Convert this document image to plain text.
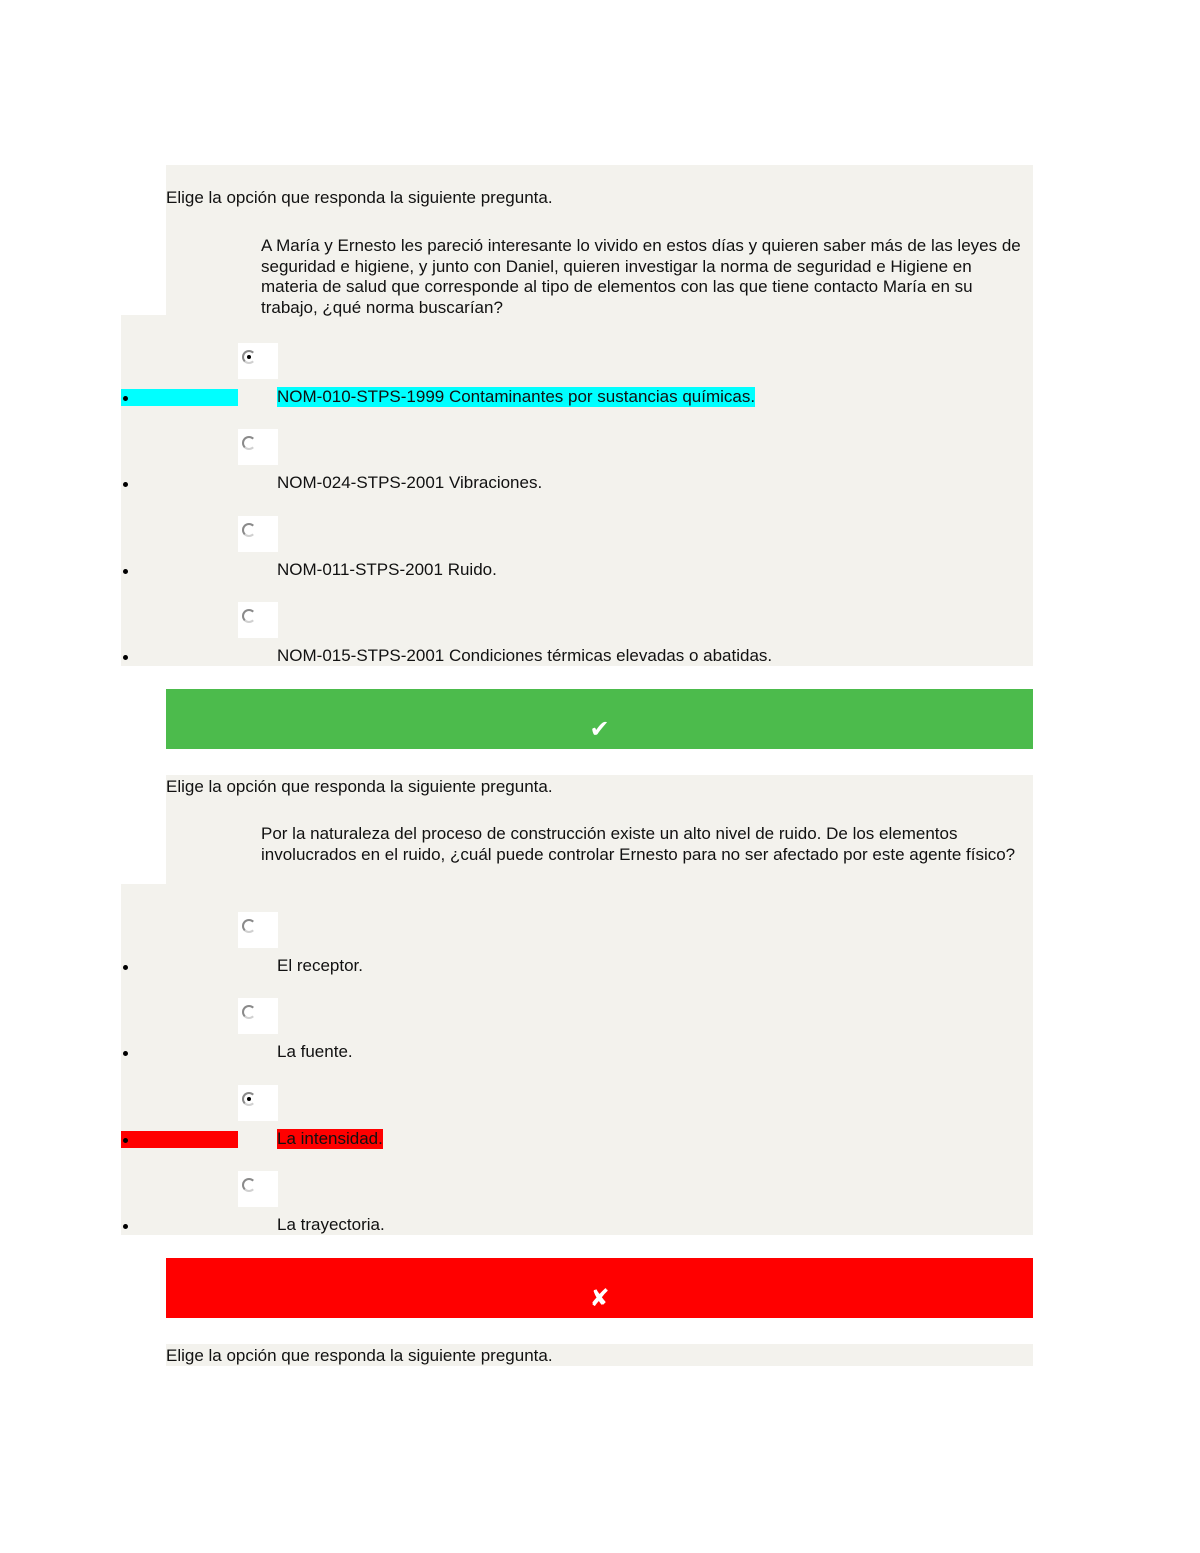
Elige la opción que responda la siguiente pregunta.
A María y Ernesto les pareció interesante lo vivido en estos días y quieren saber más de las leyes de seguridad e higiene, y junto con Daniel, quieren investigar la norma de seguridad e Higiene en materia de salud que corresponde al tipo de elementos con las que tiene contacto María en su trabajo, ¿qué norma buscarían?
NOM-010-STPS-1999 Contaminantes por sustancias químicas.
NOM-024-STPS-2001 Vibraciones.
NOM-011-STPS-2001 Ruido.
NOM-015-STPS-2001 Condiciones térmicas elevadas o abatidas.
✔
Elige la opción que responda la siguiente pregunta.
Por la naturaleza del proceso de construcción existe un alto nivel de ruido. De los elementos involucrados en el ruido, ¿cuál puede controlar Ernesto para no ser afectado por este agente físico?
El receptor.
La fuente.
La intensidad.
La trayectoria.
✘
Elige la opción que responda la siguiente pregunta.
